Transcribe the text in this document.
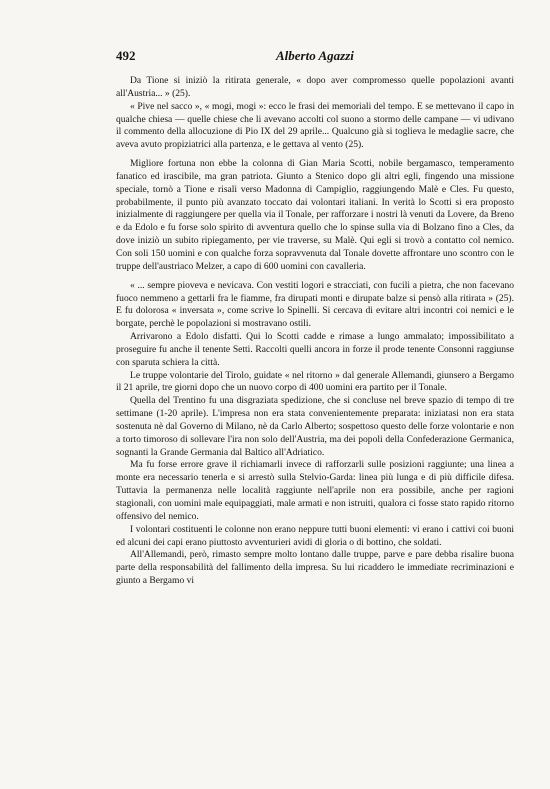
492	Alberto Agazzi

Da Tione si iniziò la ritirata generale, « dopo aver compromesso quelle popolazioni avanti all'Austria... » (25).

« Pive nel sacco », « mogi, mogi »: ecco le frasi dei memoriali del tempo. E se mettevano il capo in qualche chiesa — quelle chiese che li avevano accolti col suono a stormo delle campane — vi udivano il commento della allocuzione di Pio IX del 29 aprile... Qualcuno già si toglieva le medaglie sacre, che aveva avuto propiziatrici alla partenza, e le gettava al vento (25).

Migliore fortuna non ebbe la colonna di Gian Maria Scotti, nobile bergamasco, temperamento fanatico ed irascibile, ma gran patriota. Giunto a Stenico dopo gli altri egli, fingendo una missione speciale, tornò a Tione e risalì verso Madonna di Campiglio, raggiungendo Malè e Cles. Fu questo, probabilmente, il punto più avanzato toccato dai volontari italiani. In verità lo Scotti si era proposto inizialmente di raggiungere per quella via il Tonale, per rafforzare i nostri là venuti da Lovere, da Breno e da Edolo e fu forse solo spirito di avventura quello che lo spinse sulla via di Bolzano fino a Cles, da dove iniziò un subito ripiegamento, per vie traverse, su Malè. Qui egli si trovò a contatto col nemico. Con soli 150 uomini e con qualche forza sopravvenuta dal Tonale dovette affrontare uno scontro con le truppe dell'austriaco Melzer, a capo di 600 uomini con cavalleria.

« ... sempre pioveva e nevicava. Con vestiti logori e stracciati, con fucili a pietra, che non facevano fuoco nemmeno a gettarli fra le fiamme, fra dirupati monti e dirupate balze si pensò alla ritirata » (25). E fu dolorosa « inversata », come scrive lo Spinelli. Si cercava di evitare altri incontri coi nemici e le borgate, perchè le popolazioni si mostravano ostili.

Arrivarono a Edolo disfatti. Qui lo Scotti cadde e rimase a lungo ammalato; impossibilitato a proseguire fu anche il tenente Setti. Raccolti quelli ancora in forze il prode tenente Consonni raggiunse con sparuta schiera la città.

Le truppe volontarie del Tirolo, guidate « nel ritorno » dal generale Allemandi, giunsero a Bergamo il 21 aprile, tre giorni dopo che un nuovo corpo di 400 uomini era partito per il Tonale.

Quella del Trentino fu una disgraziata spedizione, che si concluse nel breve spazio di tempo di tre settimane (1-20 aprile). L'impresa non era stata convenientemente preparata: iniziatasi non era stata sostenuta nè dal Governo di Milano, nè da Carlo Alberto; sospettoso questo delle forze volontarie e non a torto timoroso di sollevare l'ira non solo dell'Austria, ma dei popoli della Confederazione Germanica, sognanti la Grande Germania dal Baltico all'Adriatico.

Ma fu forse errore grave il richiamarli invece di rafforzarli sulle posizioni raggiunte; una linea a monte era necessario tenerla e si arrestò sulla Stelvio-Garda: linea più lunga e di più difficile difesa. Tuttavia la permanenza nelle località raggiunte nell'aprile non era possibile, anche per ragioni stagionali, con uomini male equipaggiati, male armati e non istruiti, qualora ci fosse stato rapido ritorno offensivo del nemico.

I volontari costituenti le colonne non erano neppure tutti buoni elementi: vi erano i cattivi coi buoni ed alcuni dei capi erano piuttosto avventurieri avidi di gloria o di bottino, che soldati.

All'Allemandi, però, rimasto sempre molto lontano dalle truppe, parve e pare debba risalire buona parte della responsabilità del fallimento della impresa. Su lui ricaddero le immediate recriminazioni e giunto a Bergamo vi
